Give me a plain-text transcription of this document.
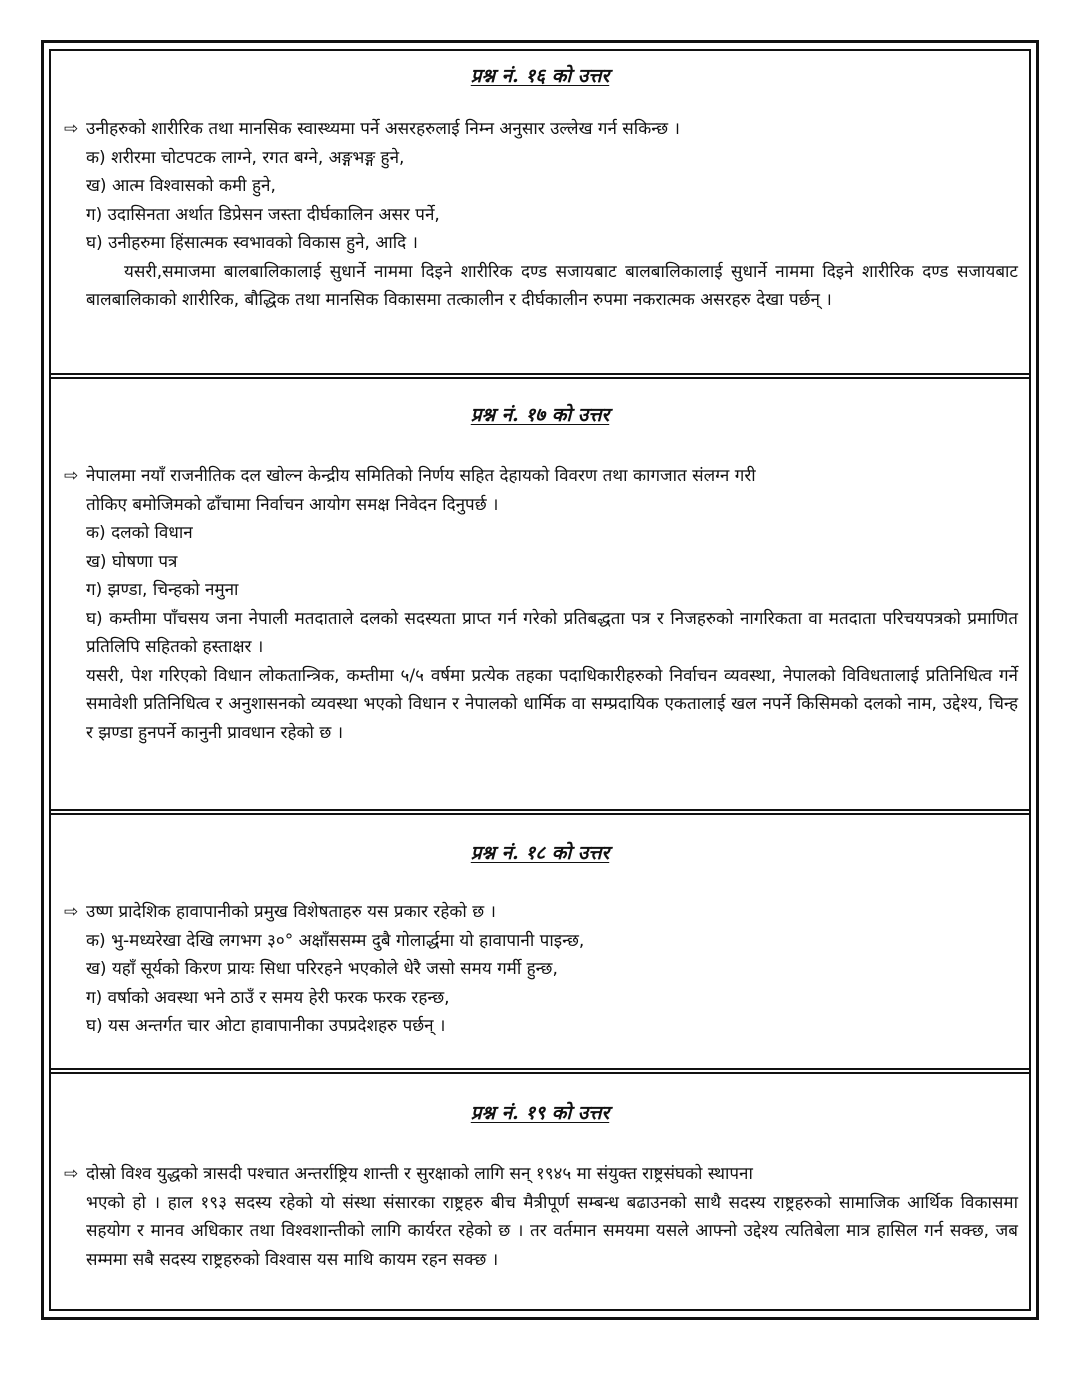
प्रश्न नं. १६ को उत्तर

⇨ उनीहरुको शारीरिक तथा मानसिक स्वास्थ्यमा पर्ने असरहरुलाई निम्न अनुसार उल्लेख गर्न सकिन्छ ।

क) शरीरमा चोटपटक लाग्ने, रगत बग्ने, अङ्गभङ्ग हुने,

ख) आत्म विश्वासको कमी हुने,

ग) उदासिनता अर्थात डिप्रेसन जस्ता दीर्घकालिन असर पर्ने,

घ) उनीहरुमा हिंसात्मक स्वभावको विकास हुने, आदि ।

यसरी,समाजमा बालबालिकालाई सुधार्ने नाममा दिइने शारीरिक दण्ड सजायबाट बालबालिकालाई सुधार्ने नाममा दिइने शारीरिक दण्ड सजायबाट बालबालिकाको शारीरिक, बौद्धिक तथा मानसिक विकासमा तत्कालीन र दीर्घकालीन रुपमा नकरात्मक असरहरु देखा पर्छन् ।

प्रश्न नं. १७ को उत्तर

⇨ नेपालमा नयाँ राजनीतिक दल खोल्न केन्द्रीय समितिको निर्णय सहित देहायको विवरण तथा कागजात संलग्न गरी

तोकिए बमोजिमको ढाँचामा निर्वाचन आयोग समक्ष निवेदन दिनुपर्छ ।

क) दलको विधान

ख) घोषणा पत्र

ग) झण्डा, चिन्हको नमुना

घ) कम्तीमा पाँचसय जना नेपाली मतदाताले दलको सदस्यता प्राप्त गर्न गरेको प्रतिबद्धता पत्र र निजहरुको नागरिकता वा मतदाता परिचयपत्रको प्रमाणित प्रतिलिपि सहितको हस्ताक्षर ।

यसरी, पेश गरिएको विधान लोकतान्त्रिक, कम्तीमा ५/५ वर्षमा प्रत्येक तहका पदाधिकारीहरुको निर्वाचन व्यवस्था, नेपालको विविधतालाई प्रतिनिधित्व गर्ने समावेशी प्रतिनिधित्व र अनुशासनको व्यवस्था भएको विधान र नेपालको धार्मिक वा सम्प्रदायिक एकतालाई खल नपर्ने किसिमको दलको नाम, उद्देश्य, चिन्ह र झण्डा हुनपर्ने कानुनी प्रावधान रहेको छ ।

प्रश्न नं. १८ को उत्तर

⇨ उष्ण प्रादेशिक हावापानीको प्रमुख विशेषताहरु यस प्रकार रहेको छ ।

क) भु-मध्यरेखा देखि लगभग ३०° अक्षाँससम्म दुबै गोलार्द्धमा यो हावापानी पाइन्छ,

ख) यहाँ सूर्यको किरण प्रायः सिधा परिरहने भएकोले धेरै जसो समय गर्मी हुन्छ,

ग) वर्षाको अवस्था भने ठाउँ र समय हेरी फरक फरक रहन्छ,

घ) यस अन्तर्गत चार ओटा हावापानीका उपप्रदेशहरु पर्छन् ।

प्रश्न नं. १९ को उत्तर

⇨ दोस्रो विश्व युद्धको त्रासदी पश्चात अन्तर्राष्ट्रिय शान्ती र सुरक्षाको लागि सन् १९४५ मा संयुक्त राष्ट्रसंघको स्थापना

भएको हो । हाल १९३ सदस्य रहेको यो संस्था संसारका राष्ट्रहरु बीच मैत्रीपूर्ण सम्बन्ध बढाउनको साथै सदस्य राष्ट्रहरुको सामाजिक आर्थिक विकासमा सहयोग र मानव अधिकार तथा विश्वशान्तीको लागि कार्यरत रहेको छ । तर वर्तमान समयमा यसले आफ्नो उद्देश्य त्यतिबेला मात्र हासिल गर्न सक्छ, जब सम्ममा सबै सदस्य राष्ट्रहरुको विश्वास यस माथि कायम रहन सक्छ ।
